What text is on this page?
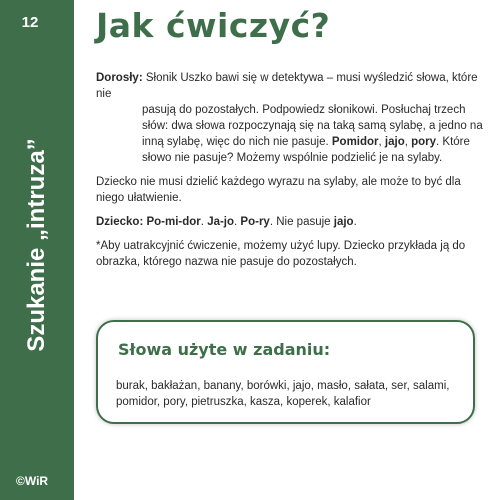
12
Szukanie „intruza”
©WiR
Jak ćwiczyć?

Dorosły: Słonik Uszko bawi się w detektywa – musi wyśledzić słowa, które nie

pasują do pozostałych. Podpowiedz słonikowi. Posłuchaj trzech słów: dwa słowa rozpoczynają się na taką samą sylabę, a jedno na inną sylabę, więc do nich nie pasuje. Pomidor, jajo, pory. Które słowo nie pasuje? Możemy wspólnie podzielić je na sylaby.

Dziecko nie musi dzielić każdego wyrazu na sylaby, ale może to być dla niego ułatwienie.

Dziecko: Po-mi-dor. Ja-jo. Po-ry. Nie pasuje jajo.

*Aby uatrakcyjnić ćwiczenie, możemy użyć lupy. Dziecko przykłada ją do obrazka, którego nazwa nie pasuje do pozostałych.

Słowa użyte w zadaniu:
burak, bakłażan, banany, borówki, jajo, masło, sałata, ser, salami, pomidor, pory, pietruszka, kasza, koperek, kalafior
